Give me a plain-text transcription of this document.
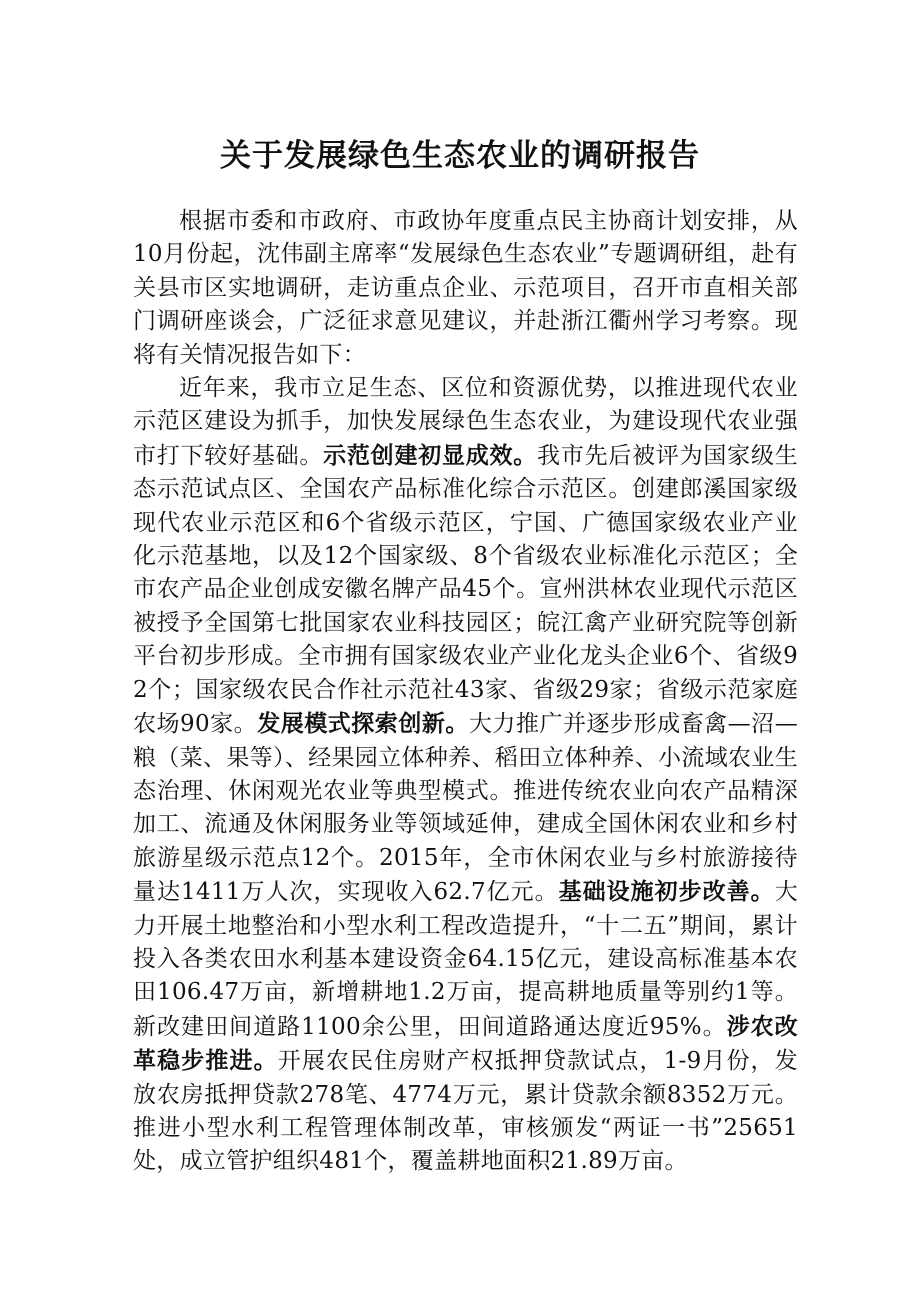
关于发展绿色生态农业的调研报告

根据市委和市政府、市政协年度重点民主协商计划安排，从10月份起，沈伟副主席率“发展绿色生态农业”专题调研组，赴有关县市区实地调研，走访重点企业、示范项目，召开市直相关部门调研座谈会，广泛征求意见建议，并赴浙江衢州学习考察。现将有关情况报告如下：

近年来，我市立足生态、区位和资源优势，以推进现代农业示范区建设为抓手，加快发展绿色生态农业，为建设现代农业强市打下较好基础。示范创建初显成效。我市先后被评为国家级生态示范试点区、全国农产品标准化综合示范区。创建郎溪国家级现代农业示范区和6个省级示范区，宁国、广德国家级农业产业化示范基地，以及12个国家级、8个省级农业标准化示范区；全市农产品企业创成安徽名牌产品45个。宣州洪林农业现代示范区被授予全国第七批国家农业科技园区；皖江禽产业研究院等创新平台初步形成。全市拥有国家级农业产业化龙头企业6个、省级92个；国家级农民合作社示范社43家、省级29家；省级示范家庭农场90家。发展模式探索创新。大力推广并逐步形成畜禽—沼—粮（菜、果等）、经果园立体种养、稻田立体种养、小流域农业生态治理、休闲观光农业等典型模式。推进传统农业向农产品精深加工、流通及休闲服务业等领域延伸，建成全国休闲农业和乡村旅游星级示范点12个。2015年，全市休闲农业与乡村旅游接待量达1411万人次，实现收入62.7亿元。基础设施初步改善。大力开展土地整治和小型水利工程改造提升，“十二五”期间，累计投入各类农田水利基本建设资金64.15亿元，建设高标准基本农田106.47万亩，新增耕地1.2万亩，提高耕地质量等别约1等。新改建田间道路1100余公里，田间道路通达度近95%。涉农改革稳步推进。开展农民住房财产权抵押贷款试点，1-9月份，发放农房抵押贷款278笔、4774万元，累计贷款余额8352万元。推进小型水利工程管理体制改革，审核颁发“两证一书”25651处，成立管护组织481个，覆盖耕地面积21.89万亩。
